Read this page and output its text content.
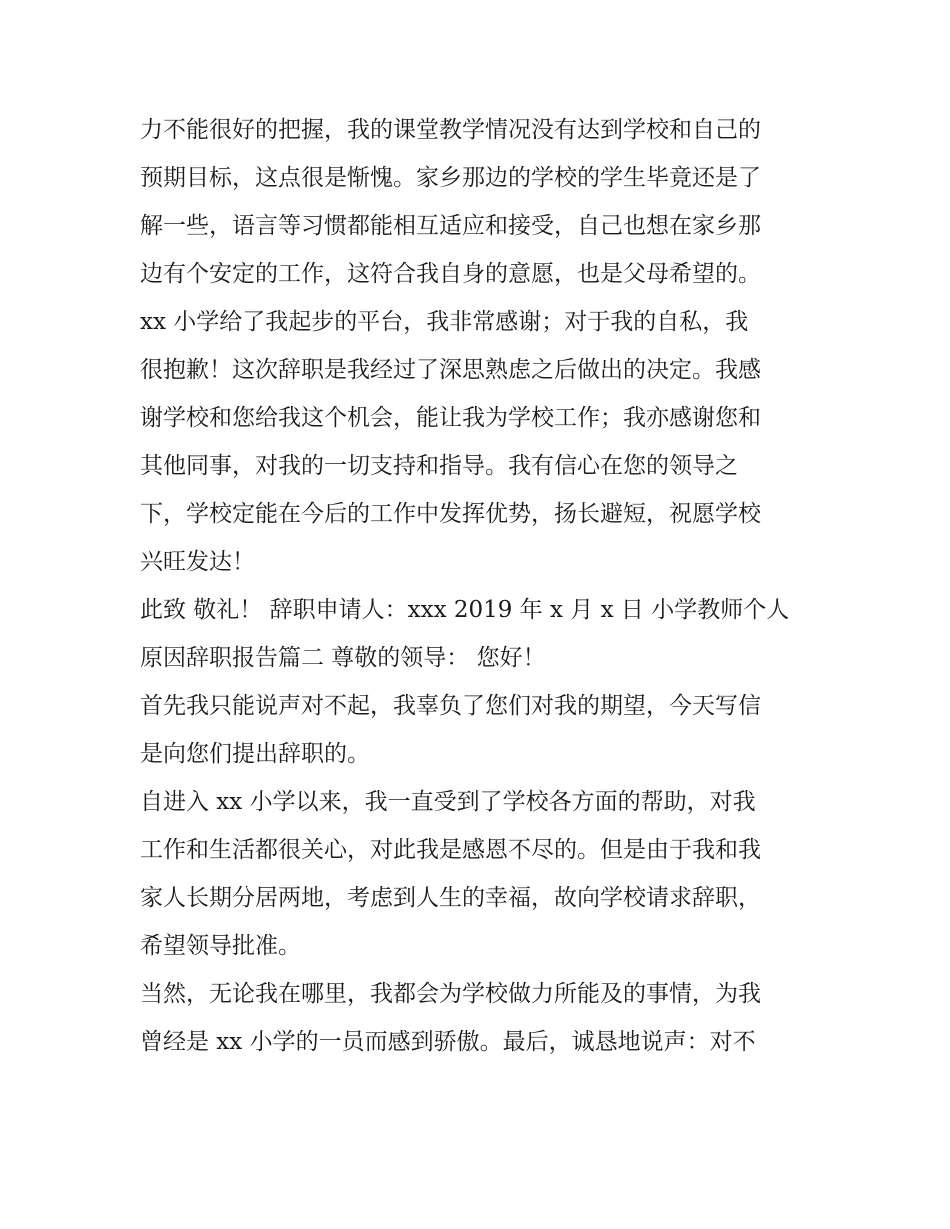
力不能很好的把握，我的课堂教学情况没有达到学校和自己的
预期目标，这点很是惭愧。家乡那边的学校的学生毕竟还是了
解一些，语言等习惯都能相互适应和接受，自己也想在家乡那
边有个安定的工作，这符合我自身的意愿，也是父母希望的。
xx 小学给了我起步的平台，我非常感谢；对于我的自私，我
很抱歉！这次辞职是我经过了深思熟虑之后做出的决定。我感
谢学校和您给我这个机会，能让我为学校工作；我亦感谢您和
其他同事，对我的一切支持和指导。我有信心在您的领导之
下，学校定能在今后的工作中发挥优势，扬长避短，祝愿学校
兴旺发达！
此致 敬礼！ 辞职申请人：xxx 2019 年 x 月 x 日 小学教师个人
原因辞职报告篇二 尊敬的领导： 您好！
首先我只能说声对不起，我辜负了您们对我的期望，今天写信
是向您们提出辞职的。
自进入 xx 小学以来，我一直受到了学校各方面的帮助，对我
工作和生活都很关心，对此我是感恩不尽的。但是由于我和我
家人长期分居两地，考虑到人生的幸福，故向学校请求辞职，
希望领导批准。
当然，无论我在哪里，我都会为学校做力所能及的事情，为我
曾经是 xx 小学的一员而感到骄傲。最后，诚恳地说声：对不
